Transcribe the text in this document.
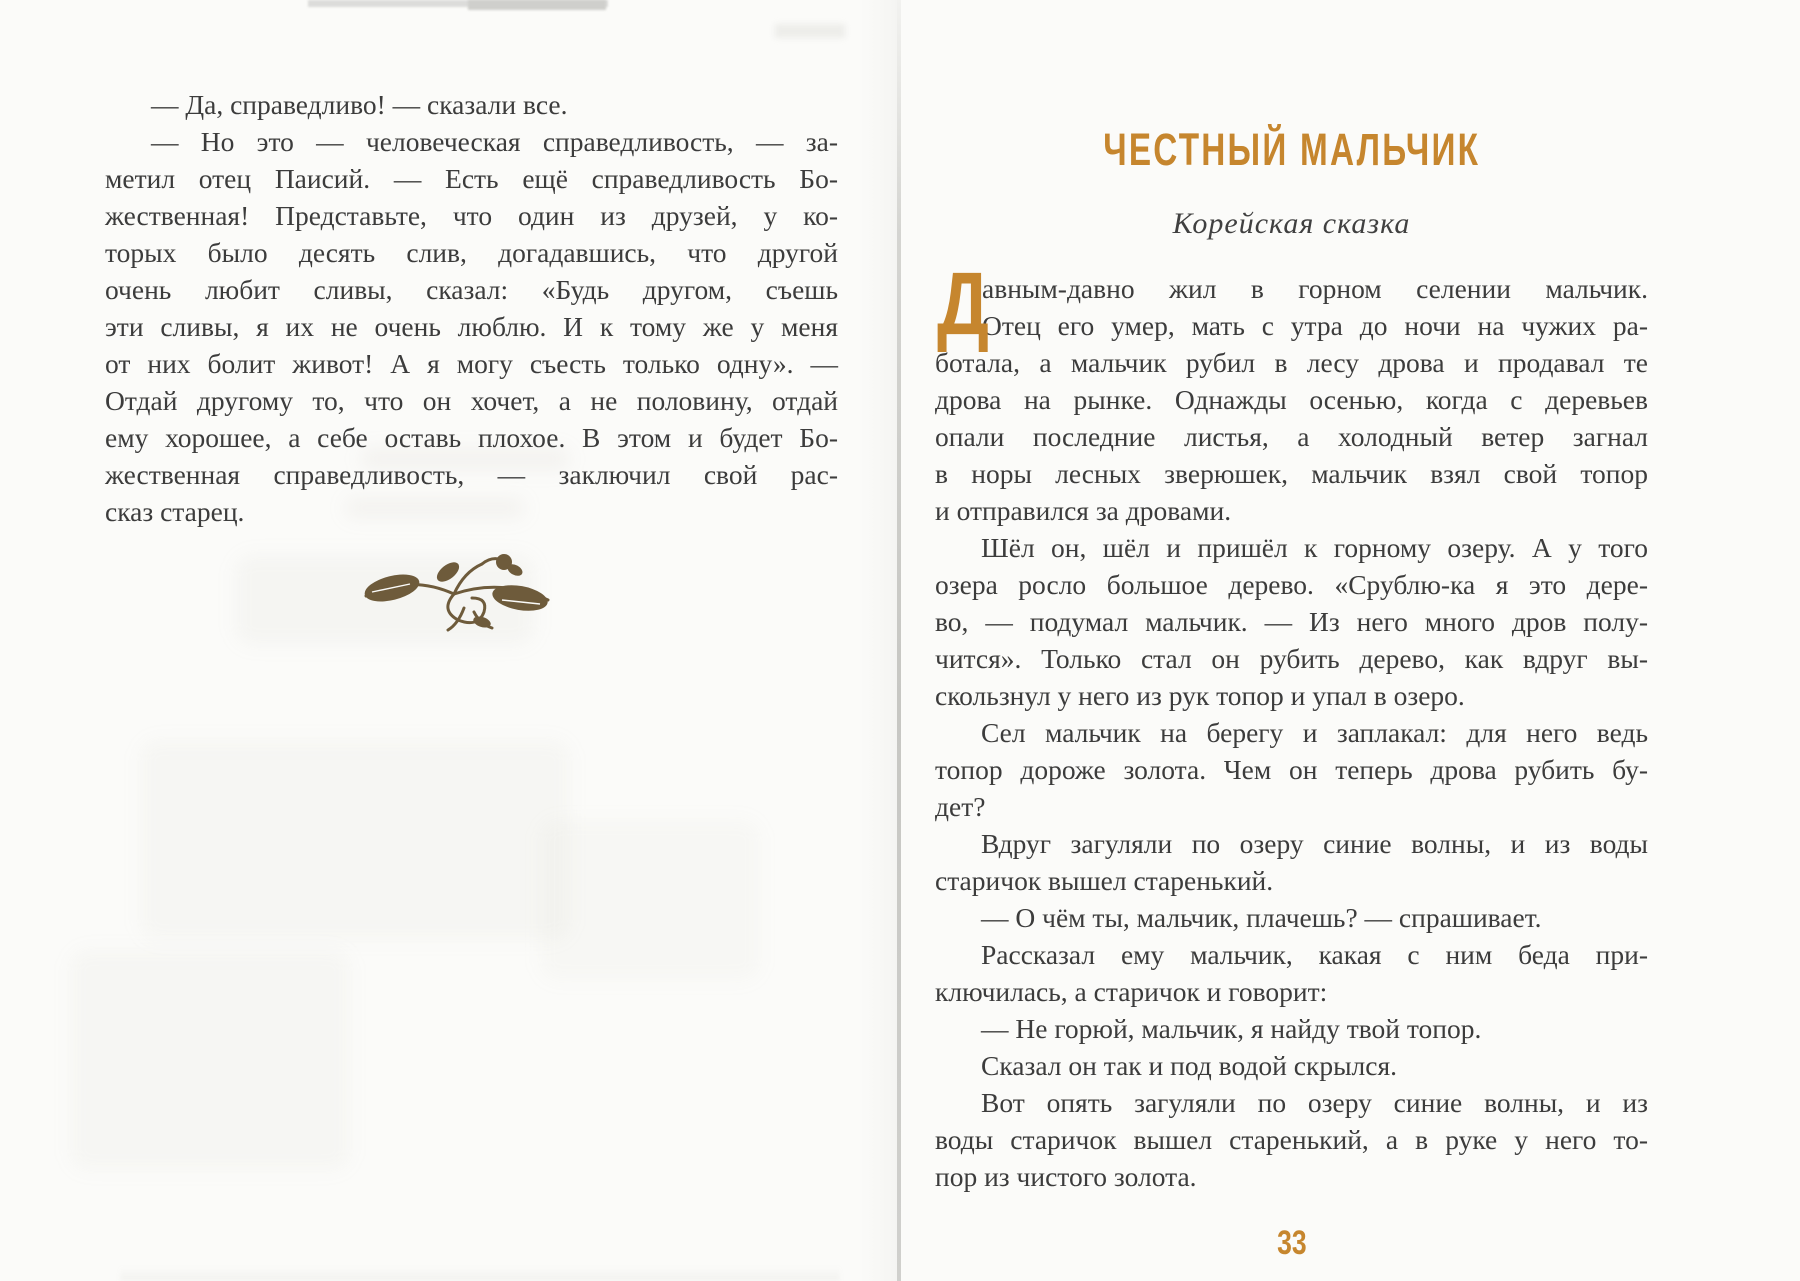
— Да, справедливо! — сказали все.
— Но это — человеческая справедливость, — за-
метил отец Паисий. — Есть ещё справедливость Бо-
жественная! Представьте, что один из друзей, у ко-
торых было десять слив, догадавшись, что другой
очень любит сливы, сказал: «Будь другом, съешь
эти сливы, я их не очень люблю. И к тому же у меня
от них болит живот! А я могу съесть только одну». —
Отдай другому то, что он хочет, а не половину, отдай
ему хорошее, а себе оставь плохое. В этом и будет Бо-
жественная справедливость, — заключил свой рас-
сказ старец.
ЧЕСТНЫЙ МАЛЬЧИК
Корейская сказка
Д
авным-давно жил в горном селении мальчик.
Отец его умер, мать с утра до ночи на чужих ра-
ботала, а мальчик рубил в лесу дрова и продавал те
дрова на рынке. Однажды осенью, когда с деревьев
опали последние листья, а холодный ветер загнал
в норы лесных зверюшек, мальчик взял свой топор
и отправился за дровами.
Шёл он, шёл и пришёл к горному озеру. А у того
озера росло большое дерево. «Срублю-ка я это дере-
во, — подумал мальчик. — Из него много дров полу-
чится». Только стал он рубить дерево, как вдруг вы-
скользнул у него из рук топор и упал в озеро.
Сел мальчик на берегу и заплакал: для него ведь
топор дороже золота. Чем он теперь дрова рубить бу-
дет?
Вдруг загуляли по озеру синие волны, и из воды
старичок вышел старенький.
— О чём ты, мальчик, плачешь? — спрашивает.
Рассказал ему мальчик, какая с ним беда при-
ключилась, а старичок и говорит:
— Не горюй, мальчик, я найду твой топор.
Сказал он так и под водой скрылся.
Вот опять загуляли по озеру синие волны, и из
воды старичок вышел старенький, а в руке у него то-
пор из чистого золота.
33
